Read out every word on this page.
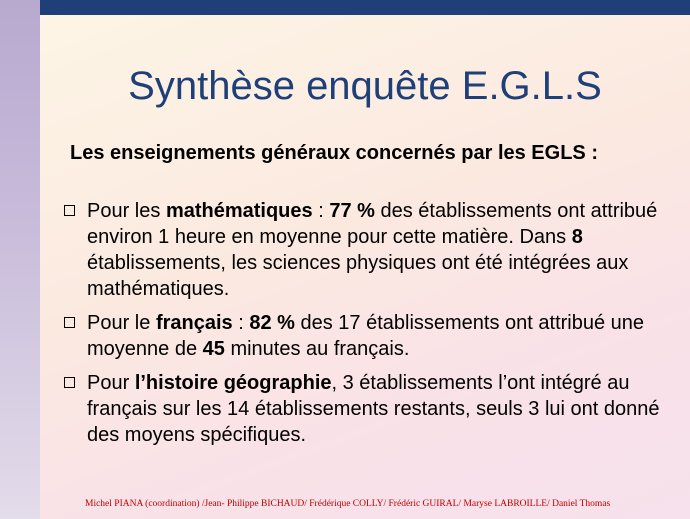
Synthèse enquête E.G.L.S
Les enseignements généraux concernés par les EGLS :
Pour les mathématiques : 77 % des établissements ont attribué environ 1 heure en moyenne pour cette matière. Dans 8 établissements, les sciences physiques ont été intégrées aux mathématiques.
Pour le français : 82 % des 17 établissements ont attribué une moyenne de 45 minutes au français.
Pour l’histoire géographie, 3 établissements l’ont intégré au français sur les 14 établissements restants, seuls 3 lui ont donné des moyens spécifiques.
Michel PIANA (coordination) /Jean- Philippe BICHAUD/ Frédérique COLLY/ Frédéric GUIRAL/ Maryse LABROILLE/ Daniel Thomas
